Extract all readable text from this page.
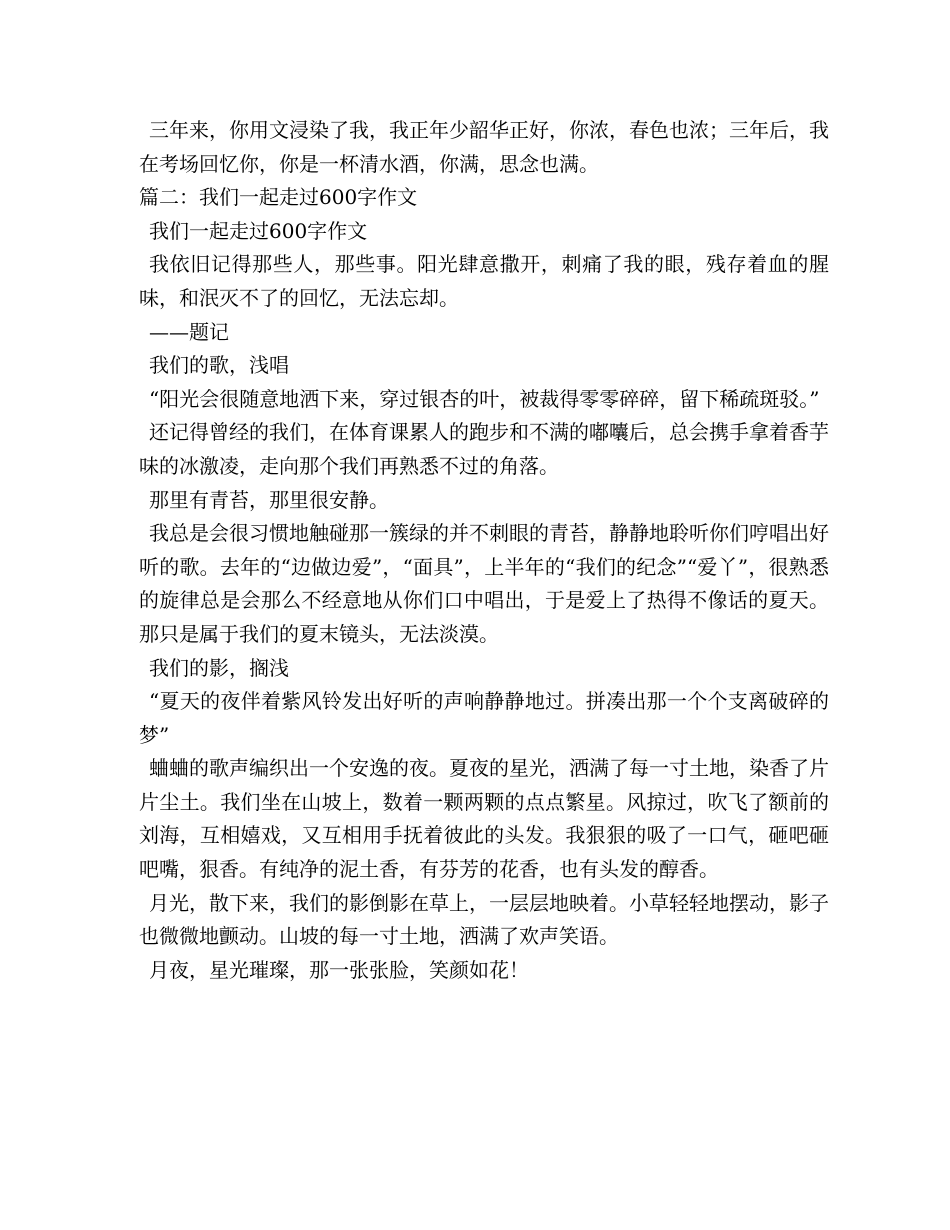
三年来，你用文浸染了我，我正年少韶华正好，你浓，春色也浓；三年后，我在考场回忆你，你是一杯清水酒，你满，思念也满。

篇二：我们一起走过600字作文

我们一起走过600字作文

我依旧记得那些人，那些事。阳光肆意撒开，刺痛了我的眼，残存着血的腥味，和泯灭不了的回忆，无法忘却。

——题记

我们的歌，浅唱

“阳光会很随意地洒下来，穿过银杏的叶，被裁得零零碎碎，留下稀疏斑驳。”

还记得曾经的我们，在体育课累人的跑步和不满的嘟囔后，总会携手拿着香芋味的冰激凌，走向那个我们再熟悉不过的角落。

那里有青苔，那里很安静。

我总是会很习惯地触碰那一簇绿的并不刺眼的青苔，静静地聆听你们哼唱出好听的歌。去年的“边做边爱”，“面具”，上半年的“我们的纪念”“爱丫”，很熟悉的旋律总是会那么不经意地从你们口中唱出，于是爱上了热得不像话的夏天。那只是属于我们的夏末镜头，无法淡漠。

我们的影，搁浅

“夏天的夜伴着紫风铃发出好听的声响静静地过。拼凑出那一个个支离破碎的梦”

蛐蛐的歌声编织出一个安逸的夜。夏夜的星光，洒满了每一寸土地，染香了片片尘土。我们坐在山坡上，数着一颗两颗的点点繁星。风掠过，吹飞了额前的刘海，互相嬉戏，又互相用手抚着彼此的头发。我狠狠的吸了一口气，砸吧砸吧嘴，狠香。有纯净的泥土香，有芬芳的花香，也有头发的醇香。

月光，散下来，我们的影倒影在草上，一层层地映着。小草轻轻地摆动，影子也微微地颤动。山坡的每一寸土地，洒满了欢声笑语。

月夜，星光璀璨，那一张张脸，笑颜如花！
